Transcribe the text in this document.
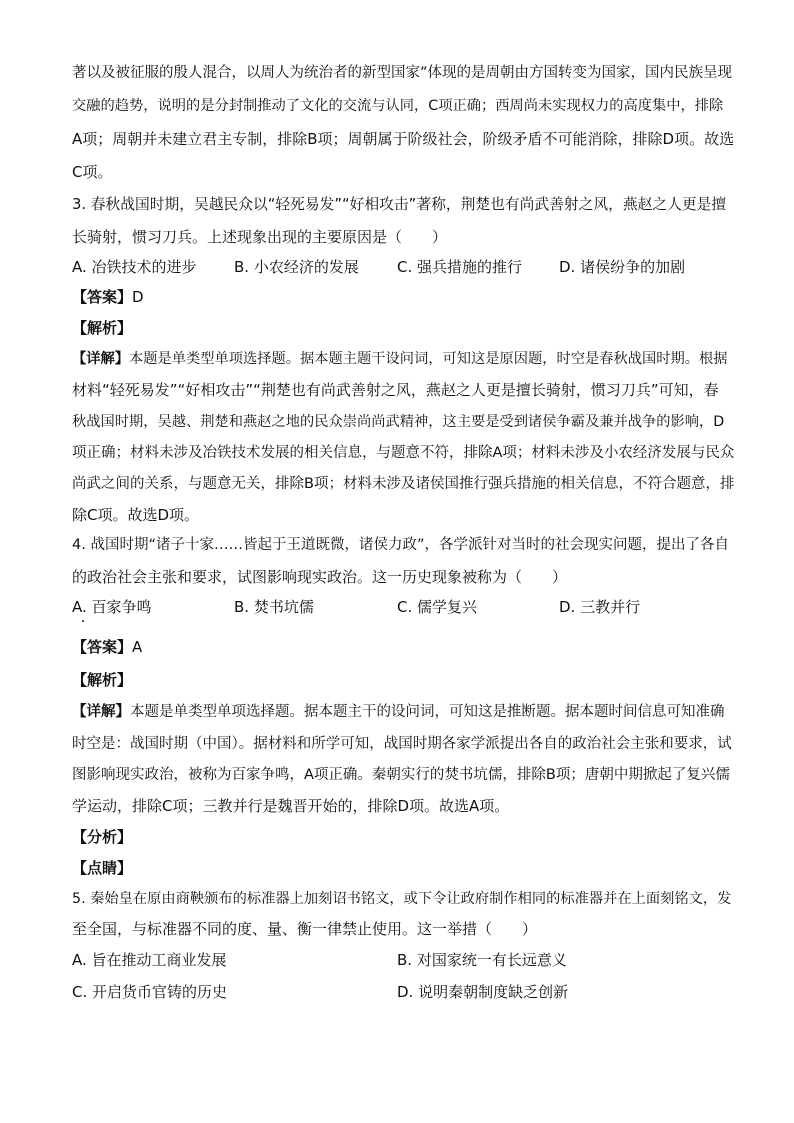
著以及被征服的殷人混合，以周人为统治者的新型国家”体现的是周朝由方国转变为国家，国内民族呈现
交融的趋势，说明的是分封制推动了文化的交流与认同，C项正确；西周尚未实现权力的高度集中，排除
A项；周朝并未建立君主专制，排除B项；周朝属于阶级社会，阶级矛盾不可能消除，排除D项。故选
C项。
3. 春秋战国时期，吴越民众以“轻死易发”“好相攻击”著称，荆楚也有尚武善射之风，燕赵之人更是擅
长骑射，惯习刀兵。上述现象出现的主要原因是（　　）
A. 冶铁技术的进步 B. 小农经济的发展	C. 强兵措施的推行 D. 诸侯纷争的加剧
【答案】D
【解析】
【详解】本题是单类型单项选择题。据本题主题干设问词，可知这是原因题，时空是春秋战国时期。根据
材料“轻死易发”“好相攻击”“荆楚也有尚武善射之风，燕赵之人更是擅长骑射，惯习刀兵”可知，春
秋战国时期，吴越、荆楚和燕赵之地的民众崇尚尚武精神，这主要是受到诸侯争霸及兼并战争的影响，D
项正确；材料未涉及冶铁技术发展的相关信息，与题意不符，排除A项；材料未涉及小农经济发展与民众
尚武之间的关系，与题意无关，排除B项；材料未涉及诸侯国推行强兵措施的相关信息，不符合题意，排
除C项。故选D项。
4. 战国时期“诸子十家……皆起于王道既微，诸侯力政”，各学派针对当时的社会现实问题，提出了各自
的政治社会主张和要求，试图影响现实政治。这一历史现象被称为（　　）
A. 百家争鸣	B. 焚书坑儒	C. 儒学复兴	D. 三教并行
【答案】A
【解析】
【详解】本题是单类型单项选择题。据本题主干的设问词，可知这是推断题。据本题时间信息可知准确
时空是：战国时期（中国）。据材料和所学可知，战国时期各家学派提出各自的政治社会主张和要求，试
图影响现实政治，被称为百家争鸣，A项正确。秦朝实行的焚书坑儒，排除B项；唐朝中期掀起了复兴儒
学运动，排除C项；三教并行是魏晋开始的，排除D项。故选A项。
【分析】
【点睛】
5. 秦始皇在原由商鞅颁布的标准器上加刻诏书铭文，或下令让政府制作相同的标准器并在上面刻铭文，发
至全国，与标准器不同的度、量、衡一律禁止使用。这一举措（　　）
A. 旨在推动工商业发展	B. 对国家统一有长远意义
C. 开启货币官铸的历史	D. 说明秦朝制度缺乏创新
